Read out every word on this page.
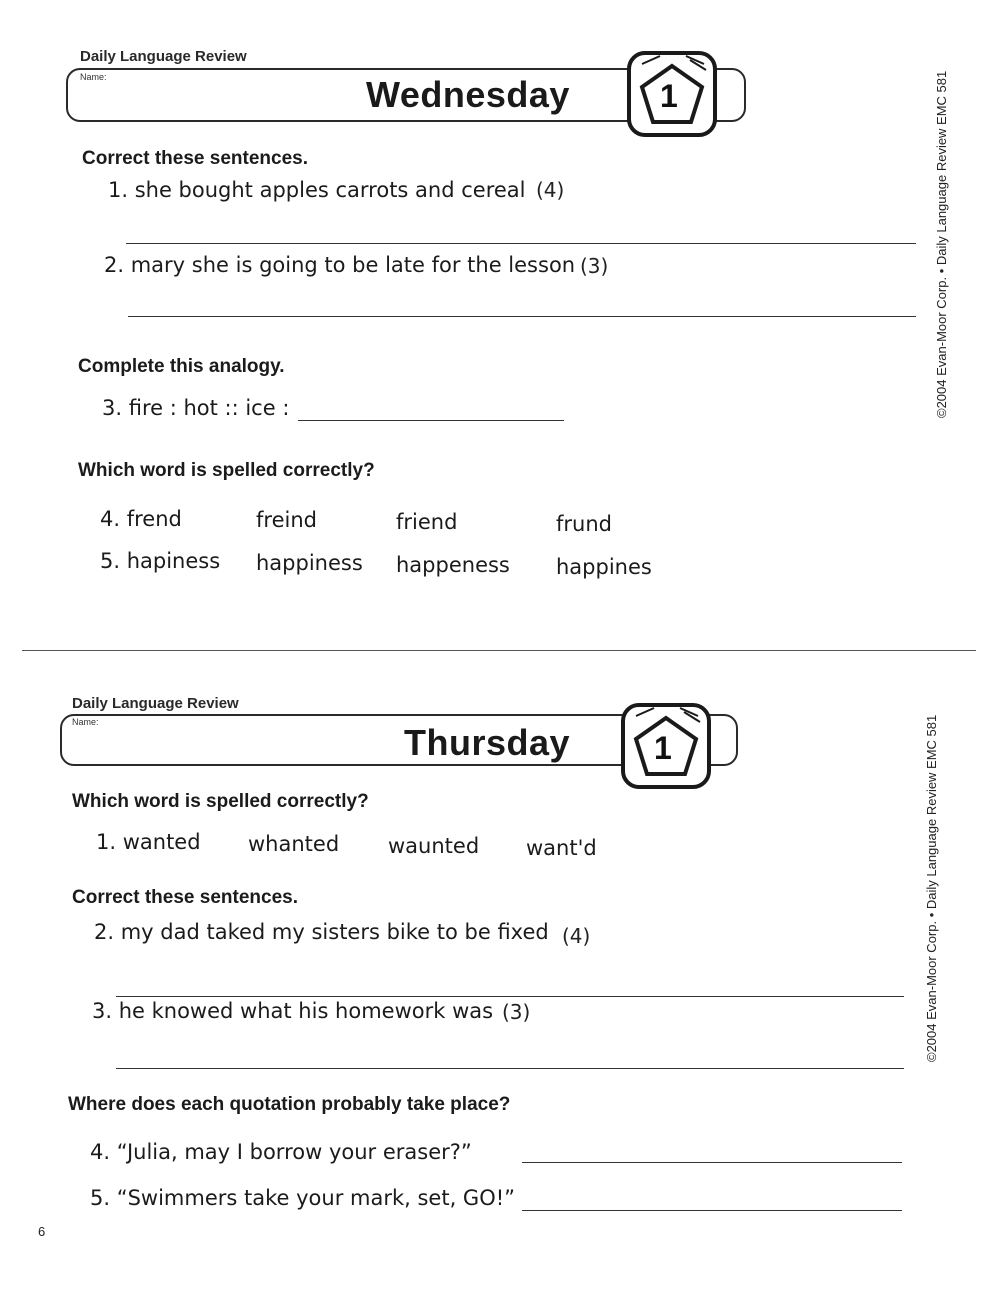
Daily Language Review
Name:	Wednesday	1
Correct these sentences.
1. she bought apples carrots and cereal (4)
2. mary she is going to be late for the lesson (3)
Complete this analogy.
3. fire : hot :: ice :
Which word is spelled correctly?
4. frend	freind	friend	frund
5. hapiness happiness happeness happines
©2004 Evan-Moor Corp. • Daily Language Review EMC 581
Daily Language Review
Name:	Thursday	1
Which word is spelled correctly?
1. wanted whanted waunted want'd
Correct these sentences.
2. my dad taked my sisters bike to be fixed (4)
3. he knowed what his homework was (3)
Where does each quotation probably take place?
4. “Julia, may I borrow your eraser?”
5. “Swimmers take your mark, set, GO!”
©2004 Evan-Moor Corp. • Daily Language Review EMC 581
6
